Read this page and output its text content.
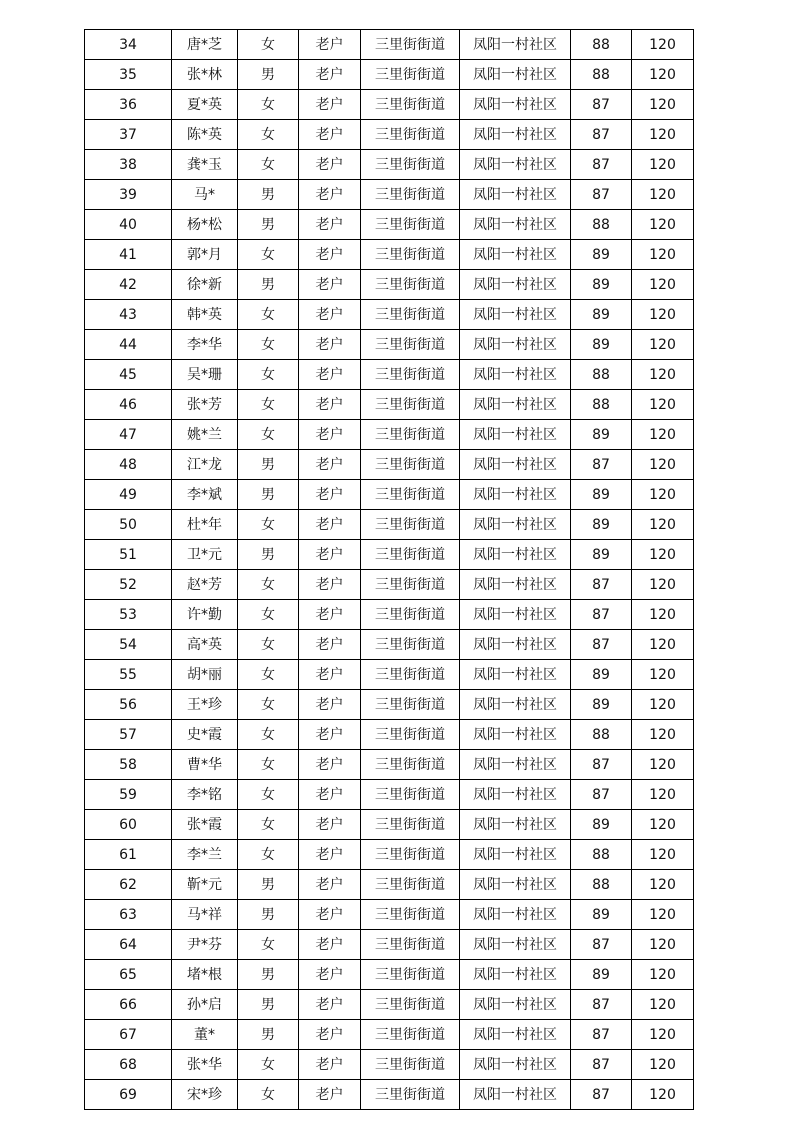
34	唐*芝	女	老户	三里街街道	凤阳一村社区	88	120
35	张*林	男	老户	三里街街道	凤阳一村社区	88	120
36	夏*英	女	老户	三里街街道	凤阳一村社区	87	120
37	陈*英	女	老户	三里街街道	凤阳一村社区	87	120
38	龚*玉	女	老户	三里街街道	凤阳一村社区	87	120
39	马*	男	老户	三里街街道	凤阳一村社区	87	120
40	杨*松	男	老户	三里街街道	凤阳一村社区	88	120
41	郭*月	女	老户	三里街街道	凤阳一村社区	89	120
42	徐*新	男	老户	三里街街道	凤阳一村社区	89	120
43	韩*英	女	老户	三里街街道	凤阳一村社区	89	120
44	李*华	女	老户	三里街街道	凤阳一村社区	89	120
45	吴*珊	女	老户	三里街街道	凤阳一村社区	88	120
46	张*芳	女	老户	三里街街道	凤阳一村社区	88	120
47	姚*兰	女	老户	三里街街道	凤阳一村社区	89	120
48	江*龙	男	老户	三里街街道	凤阳一村社区	87	120
49	李*斌	男	老户	三里街街道	凤阳一村社区	89	120
50	杜*年	女	老户	三里街街道	凤阳一村社区	89	120
51	卫*元	男	老户	三里街街道	凤阳一村社区	89	120
52	赵*芳	女	老户	三里街街道	凤阳一村社区	87	120
53	许*勤	女	老户	三里街街道	凤阳一村社区	87	120
54	高*英	女	老户	三里街街道	凤阳一村社区	87	120
55	胡*丽	女	老户	三里街街道	凤阳一村社区	89	120
56	王*珍	女	老户	三里街街道	凤阳一村社区	89	120
57	史*霞	女	老户	三里街街道	凤阳一村社区	88	120
58	曹*华	女	老户	三里街街道	凤阳一村社区	87	120
59	李*铭	女	老户	三里街街道	凤阳一村社区	87	120
60	张*霞	女	老户	三里街街道	凤阳一村社区	89	120
61	李*兰	女	老户	三里街街道	凤阳一村社区	88	120
62	靳*元	男	老户	三里街街道	凤阳一村社区	88	120
63	马*祥	男	老户	三里街街道	凤阳一村社区	89	120
64	尹*芬	女	老户	三里街街道	凤阳一村社区	87	120
65	堵*根	男	老户	三里街街道	凤阳一村社区	89	120
66	孙*启	男	老户	三里街街道	凤阳一村社区	87	120
67	董*	男	老户	三里街街道	凤阳一村社区	87	120
68	张*华	女	老户	三里街街道	凤阳一村社区	87	120
69	宋*珍	女	老户	三里街街道	凤阳一村社区	87	120
